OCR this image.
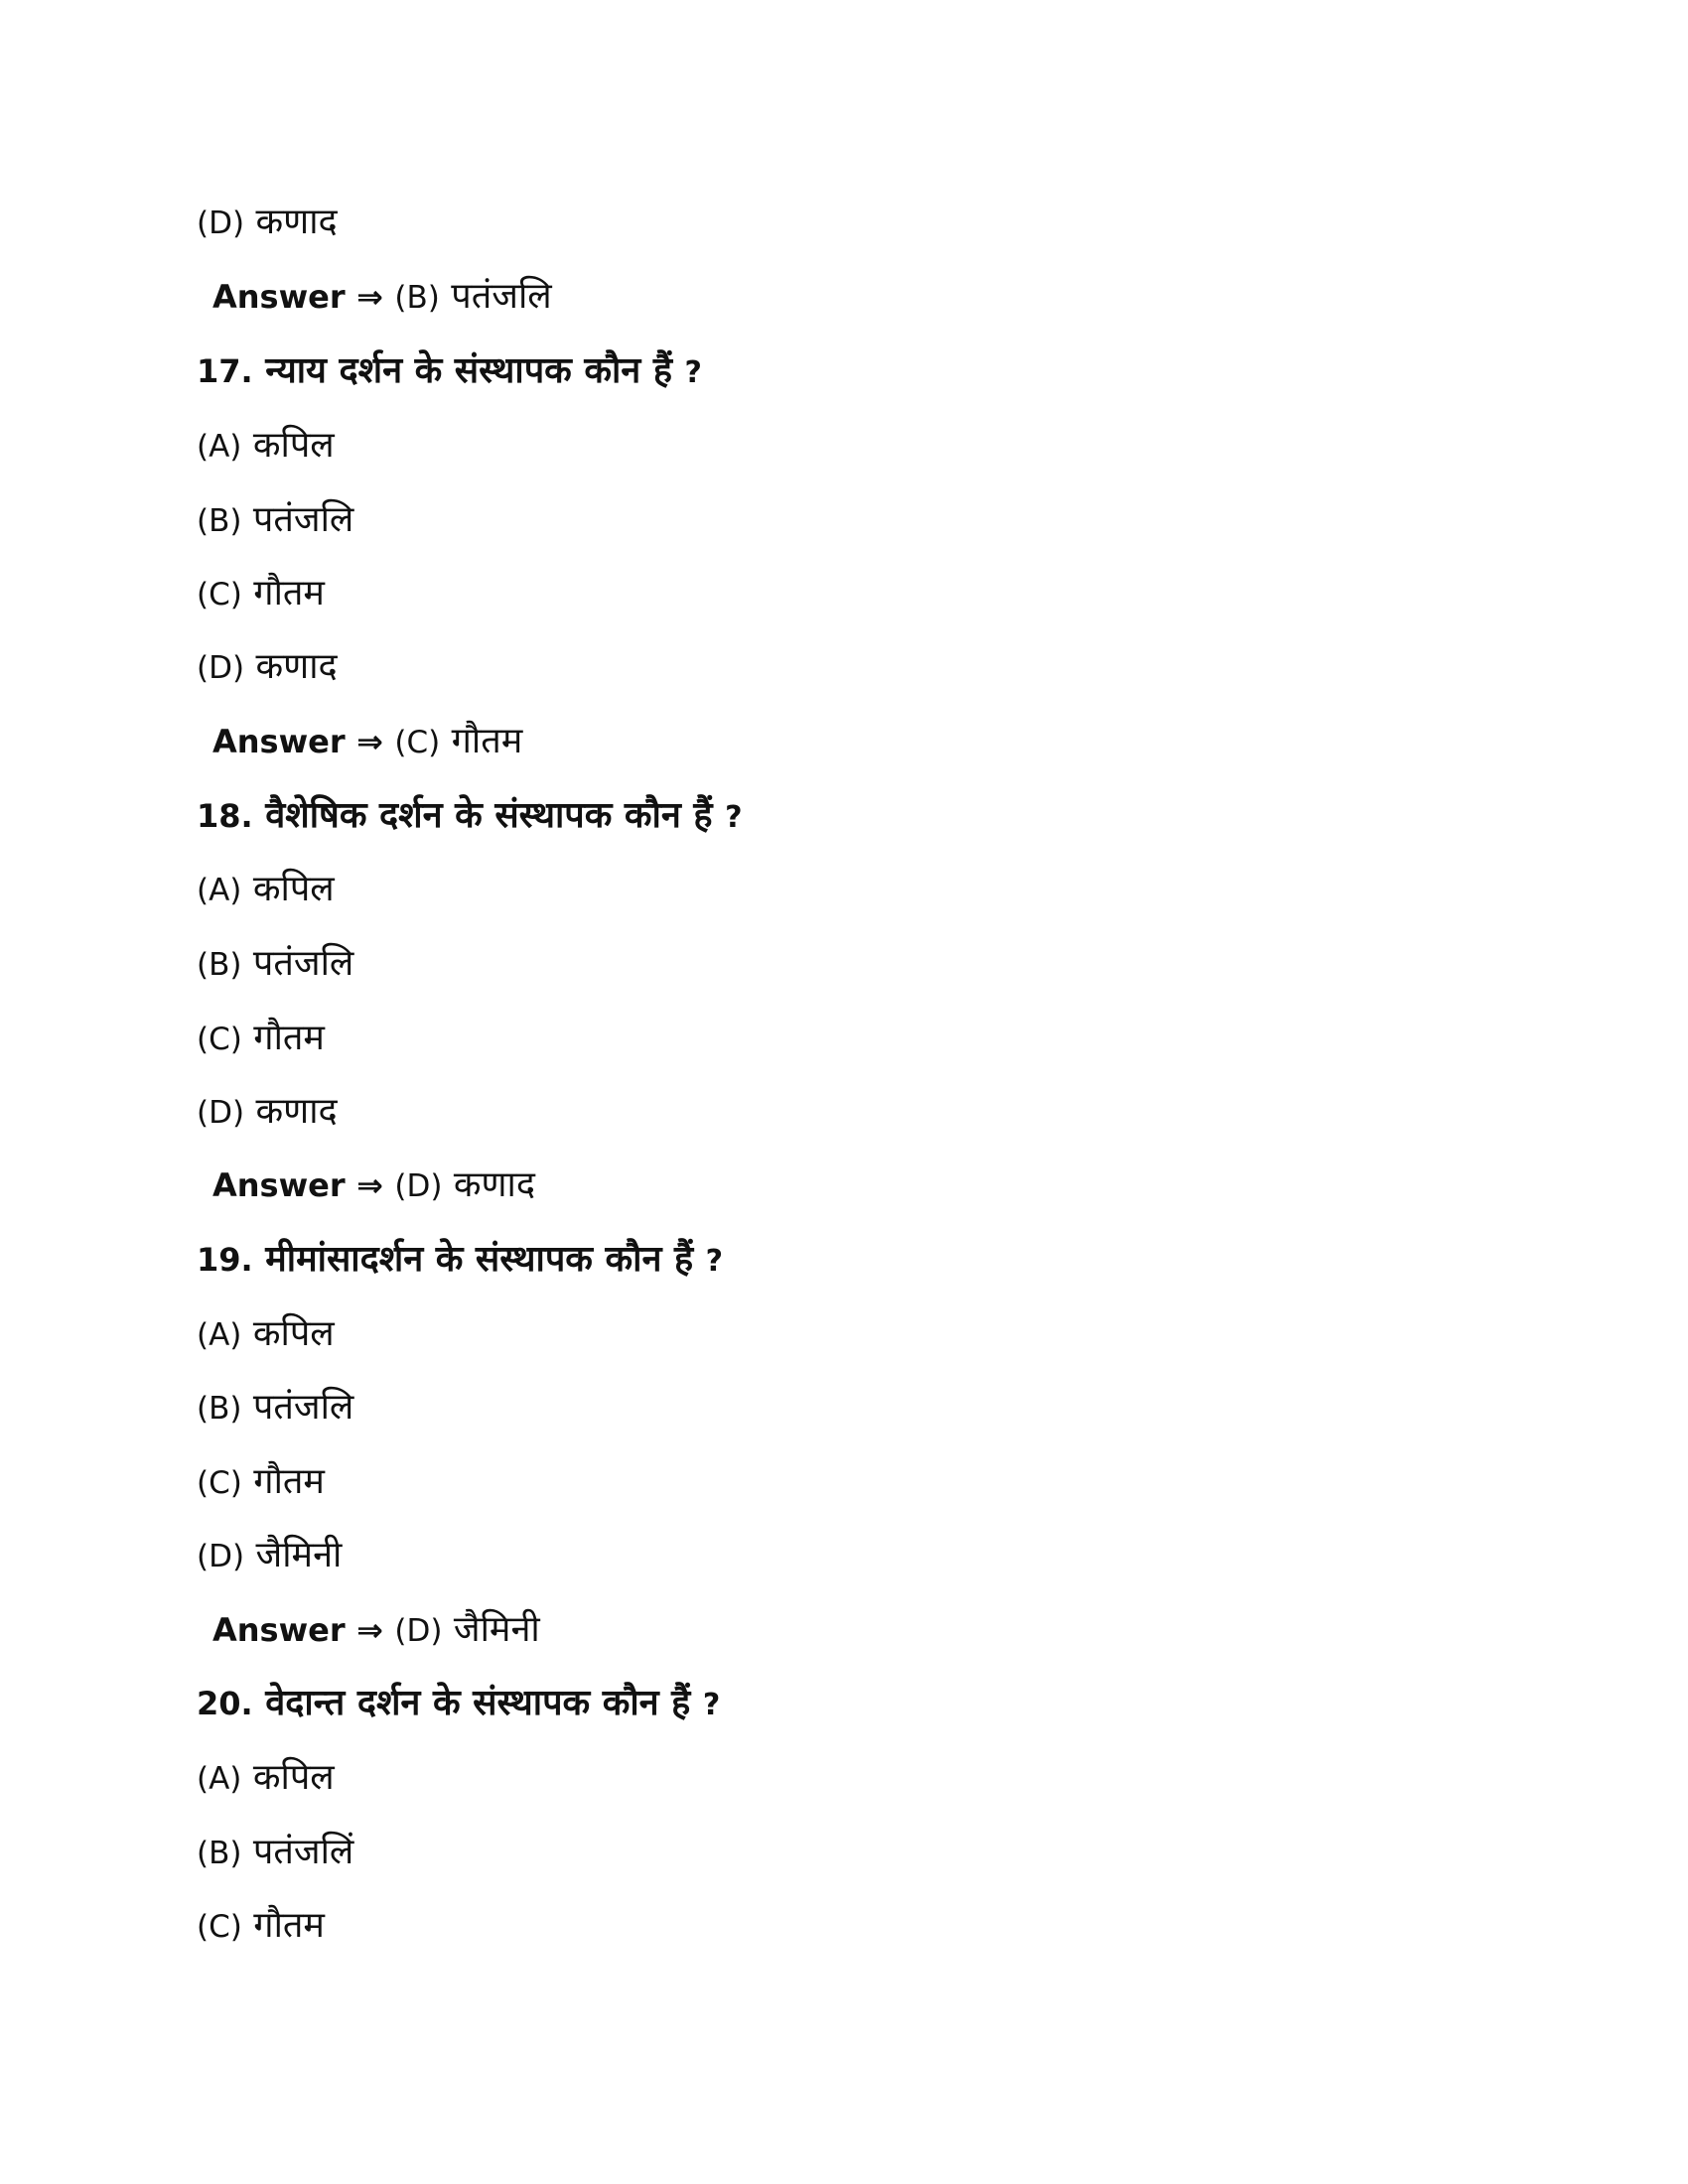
(D) कणाद
Answer ⇒ (B) पतंजलि
17. न्याय दर्शन के संस्थापक कौन हैं ?
(A) कपिल
(B) पतंजलि
(C) गौतम
(D) कणाद
Answer ⇒ (C) गौतम
18. वैशेषिक दर्शन के संस्थापक कौन हैं ?
(A) कपिल
(B) पतंजलि
(C) गौतम
(D) कणाद
Answer ⇒ (D) कणाद
19. मीमांसादर्शन के संस्थापक कौन हैं ?
(A) कपिल
(B) पतंजलि
(C) गौतम
(D) जैमिनी
Answer ⇒ (D) जैमिनी
20. वेदान्त दर्शन के संस्थापक कौन हैं ?
(A) कपिल
(B) पतंजलिं
(C) गौतम
